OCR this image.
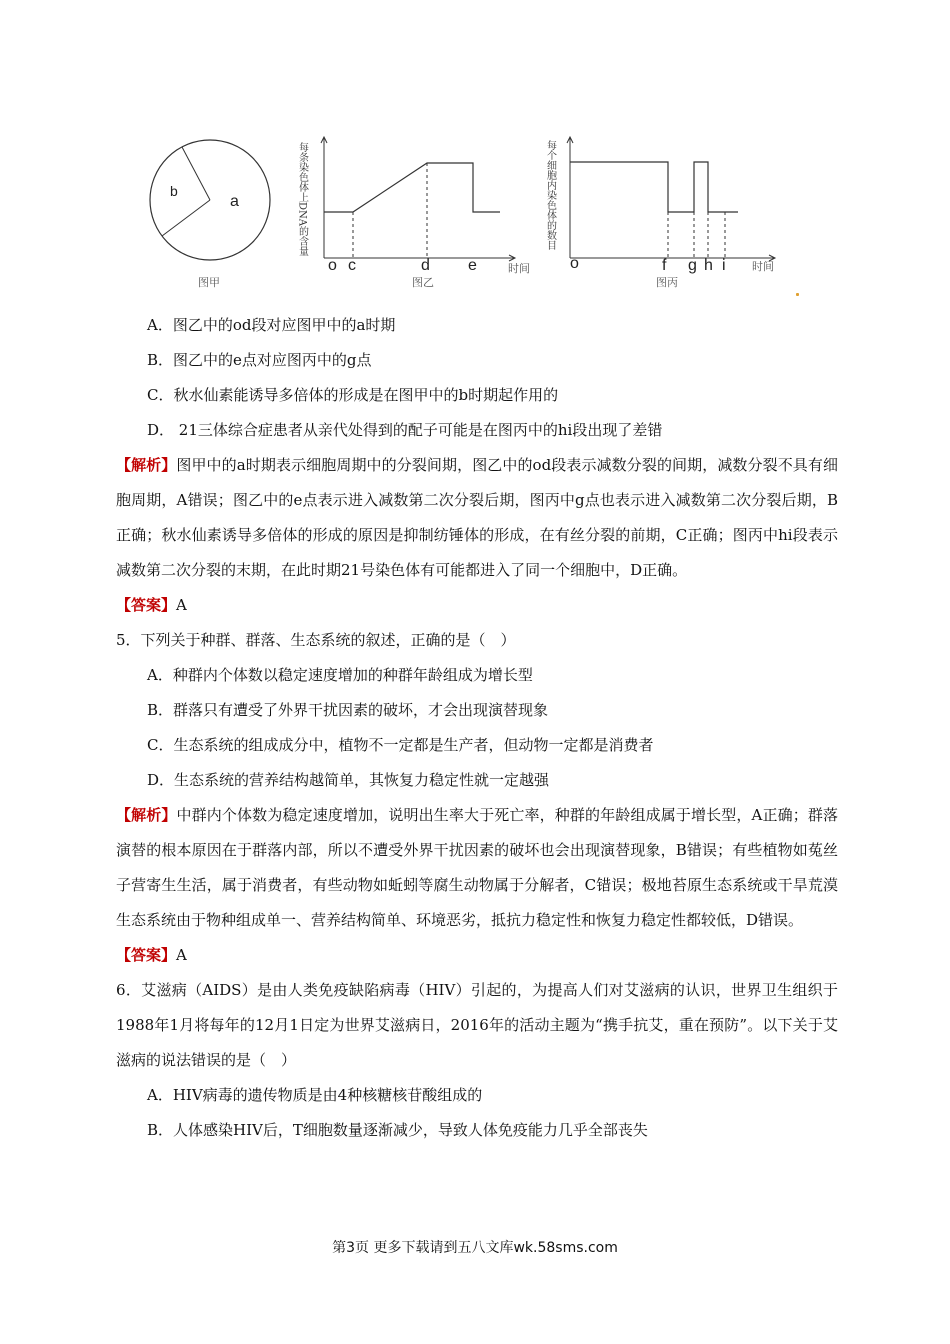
b
a
图甲
每条染色体上DNA的含量
时间
o c	d e
图乙
每个细胞内染色体的数目
时间
o	f g h i
图丙
A．图乙中的od段对应图甲中的a时期
B．图乙中的e点对应图丙中的g点
C．秋水仙素能诱导多倍体的形成是在图甲中的b时期起作用的
D． 21三体综合症患者从亲代处得到的配子可能是在图丙中的hi段出现了差错
【解析】图甲中的a时期表示细胞周期中的分裂间期，图乙中的od段表示减数分裂的间期，减数分裂不具有细胞周期，A错误；图乙中的e点表示进入减数第二次分裂后期，图丙中g点也表示进入减数第二次分裂后期，B正确；秋水仙素诱导多倍体的形成的原因是抑制纺锤体的形成，在有丝分裂的前期，C正确；图丙中hi段表示减数第二次分裂的末期，在此时期21号染色体有可能都进入了同一个细胞中，D正确。
【答案】A
5．下列关于种群、群落、生态系统的叙述，正确的是（　）
A．种群内个体数以稳定速度增加的种群年龄组成为增长型
B．群落只有遭受了外界干扰因素的破坏，才会出现演替现象
C．生态系统的组成成分中，植物不一定都是生产者，但动物一定都是消费者
D．生态系统的营养结构越简单，其恢复力稳定性就一定越强
【解析】中群内个体数为稳定速度增加，说明出生率大于死亡率，种群的年龄组成属于增长型，A正确；群落演替的根本原因在于群落内部，所以不遭受外界干扰因素的破坏也会出现演替现象，B错误；有些植物如菟丝子营寄生生活，属于消费者，有些动物如蚯蚓等腐生动物属于分解者，C错误；极地苔原生态系统或干旱荒漠生态系统由于物种组成单一、营养结构简单、环境恶劣，抵抗力稳定性和恢复力稳定性都较低，D错误。
【答案】A
6．艾滋病（AIDS）是由人类免疫缺陷病毒（HIV）引起的，为提高人们对艾滋病的认识，世界卫生组织于1988年1月将每年的12月1日定为世界艾滋病日，2016年的活动主题为“携手抗艾，重在预防”。以下关于艾滋病的说法错误的是（　）
A．HIV病毒的遗传物质是由4种核糖核苷酸组成的
B．人体感染HIV后，T细胞数量逐渐减少，导致人体免疫能力几乎全部丧失
第3页 更多下载请到五八文库wk.58sms.com
